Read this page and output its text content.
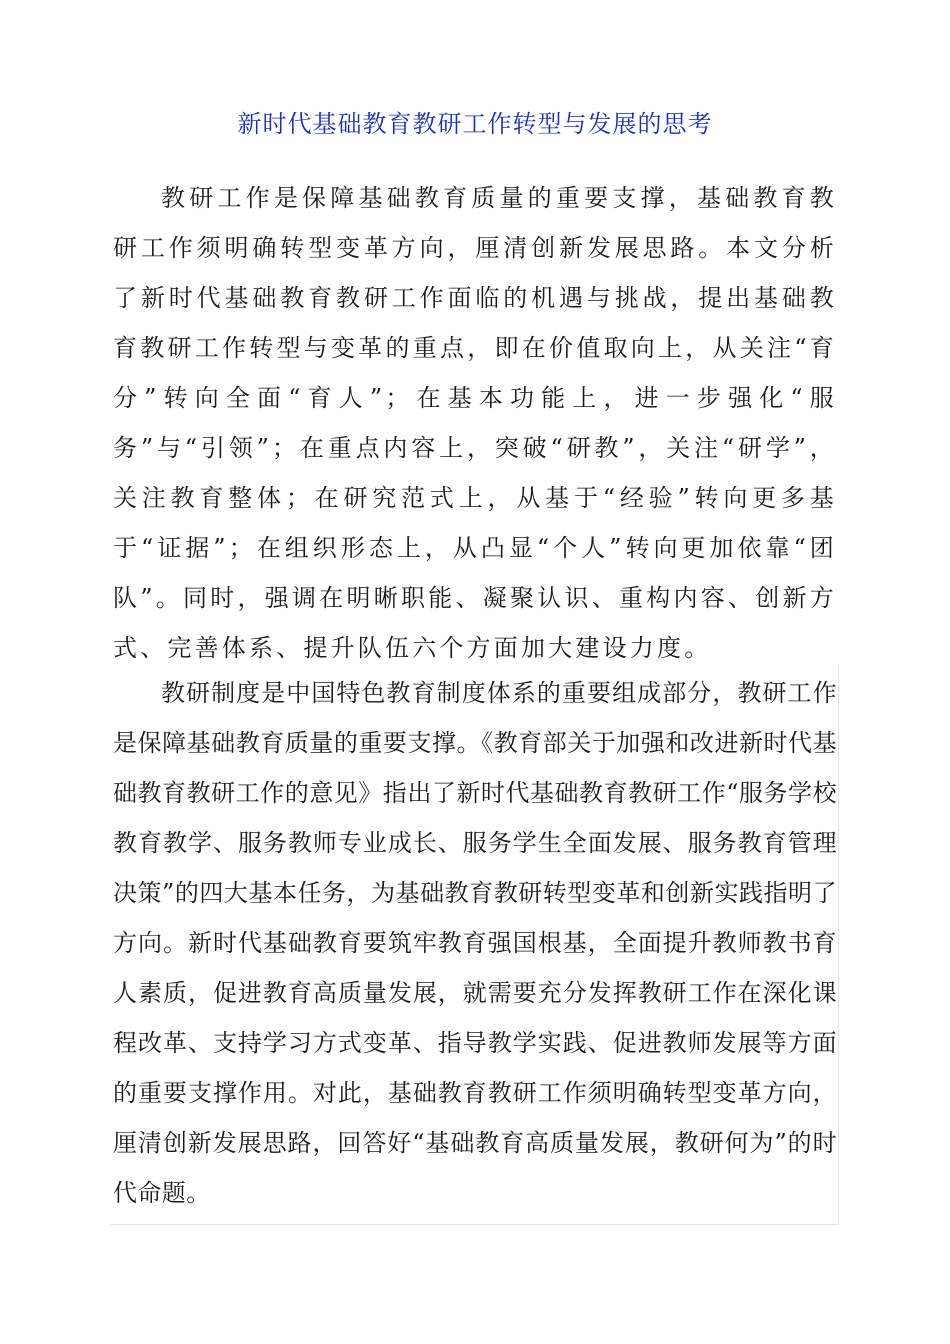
新时代基础教育教研工作转型与发展的思考

教研工作是保障基础教育质量的重要支撑，基础教育教研工作须明确转型变革方向，厘清创新发展思路。本文分析了新时代基础教育教研工作面临的机遇与挑战，提出基础教育教研工作转型与变革的重点，即在价值取向上，从关注“育分”转向全面“育人”；在基本功能上，进一步强化“服务”与“引领”；在重点内容上，突破“研教”，关注“研学”，关注教育整体；在研究范式上，从基于“经验”转向更多基于“证据”；在组织形态上，从凸显“个人”转向更加依靠“团队”。同时，强调在明晰职能、凝聚认识、重构内容、创新方式、完善体系、提升队伍六个方面加大建设力度。

教研制度是中国特色教育制度体系的重要组成部分，教研工作是保障基础教育质量的重要支撑。《教育部关于加强和改进新时代基础教育教研工作的意见》指出了新时代基础教育教研工作“服务学校教育教学、服务教师专业成长、服务学生全面发展、服务教育管理决策”的四大基本任务，为基础教育教研转型变革和创新实践指明了方向。新时代基础教育要筑牢教育强国根基，全面提升教师教书育人素质，促进教育高质量发展，就需要充分发挥教研工作在深化课程改革、支持学习方式变革、指导教学实践、促进教师发展等方面的重要支撑作用。对此，基础教育教研工作须明确转型变革方向，厘清创新发展思路，回答好“基础教育高质量发展，教研何为”的时代命题。
